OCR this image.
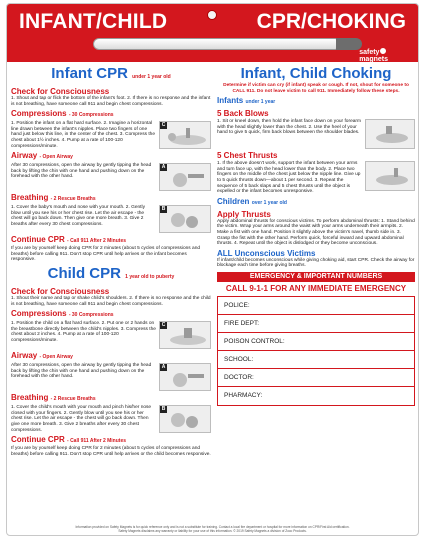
INFANT/CHILD	CPR/CHOKING
safety
magnets
Infant CPR under 1 year old
Check for Consciousness
1. Shout and tap or flick the bottom of the infant's foot. 2. If there is no response and the infant is not breathing, have someone call 911 and begin chest compressions.
Compressions - 30 Compressions
1. Position the infant on a flat hard surface. 2. Imagine a horizontal line drawn between the infant's nipples. Place two fingers of one hand just below this line, in the center of the chest. 3. Compress the chest about 1½ inches. 4. Pump at a rate of 100-120 compressions/minute.
C
Airway - Open Airway
After 30 compressions, open the airway by gently tipping the head back by lifting the chin with one hand and pushing down on the forehead with the other hand.
A
Breathing - 2 Rescue Breaths
1. Cover the baby's mouth and nose with your mouth. 2. Gently blow until you see his or her chest rise. Let the air escape - the chest will go back down. Then give one more breath. 3. Give 2 breaths after every 30 chest compressions.
B
Continue CPR - Call 911 After 2 Minutes
If you are by yourself keep doing CPR for 2 minutes (about 5 cycles of compressions and breaths) before calling 911. Don't stop CPR until help arrives or the infant becomes responsive.
Child CPR 1 year old to puberty
Check for Consciousness
1. Shout their name and tap or shake child's shoulders. 2. If there is no response and the child is not breathing, have someone call 911 and begin chest compressions.
Compressions - 30 Compressions
1. Position the child on a flat hard surface. 2. Put one or 2 hands on the breastbone directly between the child's nipples. 3. Compress the chest about 2 inches. 4. Pump at a rate of 100-120 compressions/minute.
C
Airway - Open Airway
After 30 compressions, open the airway by gently tipping the head back by lifting the chin with one hand and pushing down on the forehead with the other hand.
A
Breathing - 2 Rescue Breaths
1. Cover the child's mouth with your mouth and pinch his/her nose closed with your fingers. 2. Gently blow until you see his or her chest rise. Let the air escape - the chest will go back down. Then give one more breath. 3. Give 2 breaths after every 30 chest compressions.
B
Continue CPR - Call 911 After 2 Minutes
If you are by yourself keep doing CPR for 2 minutes (about 5 cycles of compressions and breaths) before calling 911. Don't stop CPR until help arrives or the child becomes responsive.
Infant, Child Choking
Determine if victim can cry (if infant) speak or cough. If not, shout for someone to CALL 911. Do not leave victim to call 911. Immediately follow these steps.
Infants under 1 year
5 Back Blows
1. Sit or kneel down, then hold the infant face down on your forearm with the head slightly lower than the chest. 2. Use the heel of your hand to give 5 quick, firm back blows between the shoulder blades.
5 Chest Thrusts
1. If the above doesn't work, support the infant between your arms and turn face up, with the head lower than the body. 2. Place two fingers on the middle of the chest just below the nipple line. Give up to 5 quick thrusts down—about 1 per second. 3. Repeat the sequence of 5 back slaps and 5 chest thrusts until the object is expelled or the infant becomes unresponsive.
Children over 1 year old
Apply Thrusts
Apply abdominal thrusts for conscious victims. To perform abdominal thrusts: 1. Stand behind the victim. Wrap your arms around the waist with your arms underneath their armpits. 2. Make a fist with one hand. Position it slightly above the victim's navel, thumb side in. 3. Grasp the fist with the other hand. Perform quick, forceful inward and upward abdominal thrusts. 4. Repeat until the object is dislodged or they become unconscious.
ALL Unconscious Victims
If infant/child becomes unconscious while giving choking aid, start CPR. Check the airway for blockage each time before giving breaths.
EMERGENCY & IMPORTANT NUMBERS
CALL 9-1-1 FOR ANY IMMEDIATE EMERGENCY
POLICE:
FIRE DEPT:
POISON CONTROL:
SCHOOL:
DOCTOR:
PHARMACY:
Information provided on Safety Magnets is for quick reference only and is not a substitute for training. Contact a local fire department or hospital for more information on CPR/First Aid certification.
Safety Magnets disclaims any warranty or liability for your use of this information. © 2019 Safety Magnets a division of Zoco Products.
